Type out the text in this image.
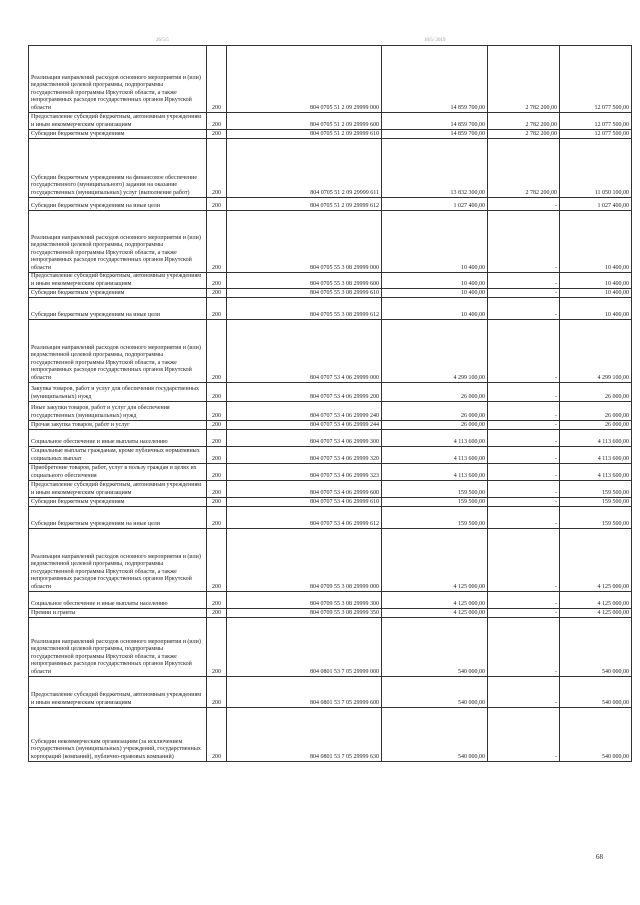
26/5/5	10/5/ 2019
Реализация направлений расходов основного мероприятия и (или) ведомственной целевой программы, подпрограммы государственной программы Иркутской области, а также непрограммных расходов государственных органов Иркутской области	200	804 0705 51 2 09 29999 000	14 859 700,00	2 782 200,00	12 077 500,00
Предоставление субсидий бюджетным, автономным учреждениям и иным некоммерческим организациям	200	804 0705 51 2 09 29999 600	14 859 700,00	2 782 200,00	12 077 500,00
Субсидии бюджетным учреждениям	200	804 0705 51 2 09 29999 610	14 859 700,00	2 782 200,00	12 077 500,00
Субсидии бюджетным учреждениям на финансовое обеспечение государственного (муниципального) задания на оказание государственных (муниципальных) услуг (выполнение работ)	200	804 0705 51 2 09 29999 611	13 832 300,00	2 782 200,00	11 050 100,00
Субсидии бюджетным учреждениям на иные цели	200	804 0705 51 2 09 29999 612	1 027 400,00	-	1 027 400,00
Реализация направлений расходов основного мероприятия и (или) ведомственной целевой программы, подпрограммы государственной программы Иркутской области, а также непрограммных расходов государственных органов Иркутской области	200	804 0705 55 3 08 29999 000	10 400,00	-	10 400,00
Предоставление субсидий бюджетным, автономным учреждениям и иным некоммерческим организациям	200	804 0705 55 3 08 29999 600	10 400,00	-	10 400,00
Субсидии бюджетным учреждениям	200	804 0705 55 3 08 29999 610	10 400,00	-	10 400,00
Субсидии бюджетным учреждениям на иные цели	200	804 0705 55 3 08 29999 612	10 400,00	-	10 400,00
Реализация направлений расходов основного мероприятия и (или) ведомственной целевой программы, подпрограммы государственной программы Иркутской области, а также непрограммных расходов государственных органов Иркутской области	200	804 0707 53 4 06 29999 000	4 299 100,00	-	4 299 100,00
Закупка товаров, работ и услуг для обеспечения государственных (муниципальных) нужд	200	804 0707 53 4 06 29999 200	26 000,00	-	26 000,00
Иные закупки товаров, работ и услуг для обеспечения государственных (муниципальных) нужд	200	804 0707 53 4 06 29999 240	26 000,00	-	26 000,00
Прочая закупка товаров, работ и услуг	200	804 0707 53 4 06 29999 244	26 000,00	-	26 000,00
Социальное обеспечение и иные выплаты населению	200	804 0707 53 4 06 29999 300	4 113 600,00	-	4 113 600,00
Социальные выплаты гражданам, кроме публичных нормативных социальных выплат	200	804 0707 53 4 06 29999 320	4 113 600,00	-	4 113 600,00
Приобретение товаров, работ, услуг в пользу граждан в целях их социального обеспечения	200	804 0707 53 4 06 29999 323	4 113 600,00	-	4 113 600,00
Предоставление субсидий бюджетным, автономным учреждениям и иным некоммерческим организациям	200	804 0707 53 4 06 29999 600	159 500,00	-	159 500,00
Субсидии бюджетным учреждениям	200	804 0707 53 4 06 29999 610	159 500,00	-	159 500,00
Субсидии бюджетным учреждениям на иные цели	200	804 0707 53 4 06 29999 612	159 500,00	-	159 500,00
Реализация направлений расходов основного мероприятия и (или) ведомственной целевой программы, подпрограммы государственной программы Иркутской области, а также непрограммных расходов государственных органов Иркутской области	200	804 0709 55 3 08 29999 000	4 125 000,00	-	4 125 000,00
Социальное обеспечение и иные выплаты населению	200	804 0709 55 3 08 29999 300	4 125 000,00	-	4 125 000,00
Премии и гранты	200	804 0709 55 3 08 29999 350	4 125 000,00	-	4 125 000,00
Реализация направлений расходов основного мероприятия и (или) ведомственной целевой программы, подпрограммы государственной программы Иркутской области, а также непрограммных расходов государственных органов Иркутской области	200	804 0801 53 7 05 29999 000	540 000,00	-	540 000,00
Предоставление субсидий бюджетным, автономным учреждениям и иным некоммерческим организациям	200	804 0801 53 7 05 29999 600	540 000,00	-	540 000,00
Субсидии некоммерческим организациям (за исключением государственных (муниципальных) учреждений, государственных корпораций (компаний), публично-правовых компаний)	200	804 0801 53 7 05 29999 630	540 000,00	-	540 000,00
68
